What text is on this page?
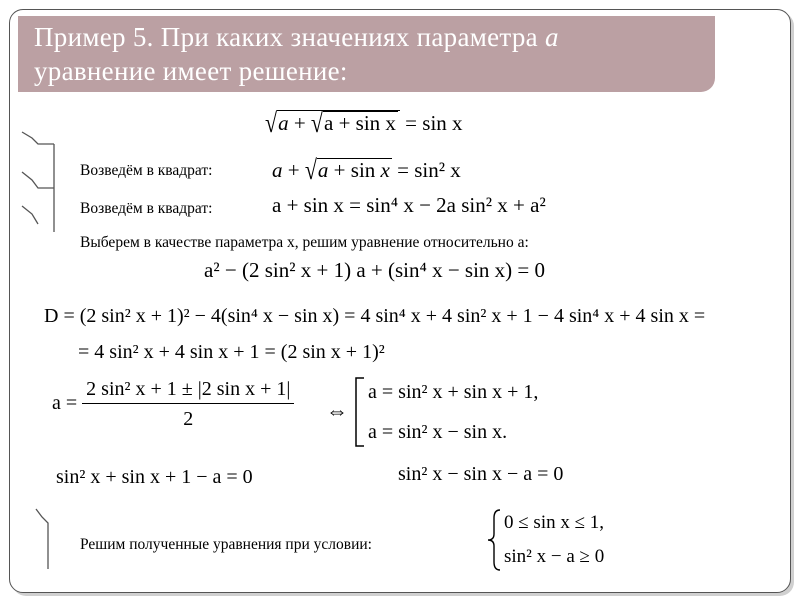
Пример 5. При каких значениях параметра a
уравнение имеет решение:
√a + √a + sin x = sin x
Возведём в квадрат:	a + √a + sin x = sin² x
Возведём в квадрат:	a + sin x = sin⁴ x − 2a sin² x + a²
Выберем в качестве параметра x, решим уравнение относительно a:
a² − (2 sin² x + 1) a + (sin⁴ x − sin x) = 0
D = (2 sin² x + 1)² − 4(sin⁴ x − sin x) = 4 sin⁴ x + 4 sin² x + 1 − 4 sin⁴ x + 4 sin x =
= 4 sin² x + 4 sin x + 1 = (2 sin x + 1)²
$a = \frac{\text{2 sin² x + 1 ± |2 sin x + 1|}}{2}$ ⇔
a = sin² x + sin x + 1,
a = sin² x − sin x.
sin² x + sin x + 1 − a = 0	sin² x − sin x − a = 0
Решим полученные уравнения при условии:
0 ≤ sin x ≤ 1,
sin² x − a ≥ 0
